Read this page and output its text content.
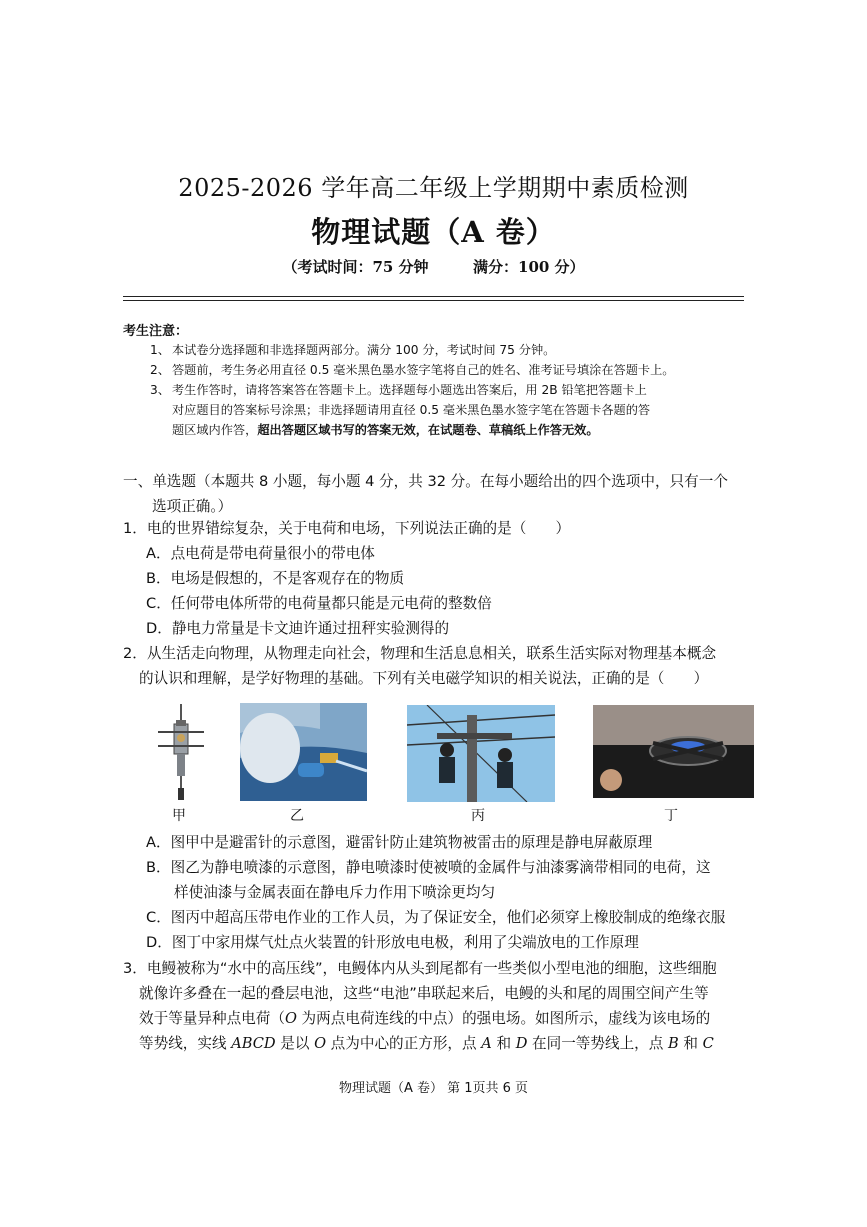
2025-2026 学年高二年级上学期期中素质检测
物理试题（A 卷）
（考试时间：75 分钟	满分：100 分）
考生注意：
1、 本试卷分选择题和非选择题两部分。满分 100 分，考试时间 75 分钟。
2、 答题前，考生务必用直径 0.5 毫米黑色墨水签字笔将自己的姓名、准考证号填涂在答题卡上。
3、 考生作答时，请将答案答在答题卡上。选择题每小题选出答案后，用 2B 铅笔把答题卡上
对应题目的答案标号涂黑；非选择题请用直径 0.5 毫米黑色墨水签字笔在答题卡各题的答
题区域内作答，超出答题区域书写的答案无效，在试题卷、草稿纸上作答无效。
一、单选题（本题共 8 小题，每小题 4 分，共 32 分。在每小题给出的四个选项中，只有一个
选项正确。）
1．电的世界错综复杂，关于电荷和电场，下列说法正确的是（　　）
A．点电荷是带电荷量很小的带电体
B．电场是假想的，不是客观存在的物质
C．任何带电体所带的电荷量都只能是元电荷的整数倍
D．静电力常量是卡文迪许通过扭秤实验测得的
2．从生活走向物理，从物理走向社会，物理和生活息息相关，联系生活实际对物理基本概念
的认识和理解，是学好物理的基础。下列有关电磁学知识的相关说法，正确的是（　　）
甲	乙	丙	丁
A．图甲中是避雷针的示意图，避雷针防止建筑物被雷击的原理是静电屏蔽原理
B．图乙为静电喷漆的示意图，静电喷漆时使被喷的金属件与油漆雾滴带相同的电荷，这
样使油漆与金属表面在静电斥力作用下喷涂更均匀
C．图丙中超高压带电作业的工作人员，为了保证安全，他们必须穿上橡胶制成的绝缘衣服
D．图丁中家用煤气灶点火装置的针形放电电极，利用了尖端放电的工作原理
3．电鳗被称为“水中的高压线”，电鳗体内从头到尾都有一些类似小型电池的细胞，这些细胞
就像许多叠在一起的叠层电池，这些“电池”串联起来后，电鳗的头和尾的周围空间产生等
效于等量异种点电荷（O 为两点电荷连线的中点）的强电场。如图所示，虚线为该电场的
等势线，实线 ABCD 是以 O 点为中心的正方形，点 A 和 D 在同一等势线上，点 B 和 C
物理试题（A 卷） 第 1页共 6 页
